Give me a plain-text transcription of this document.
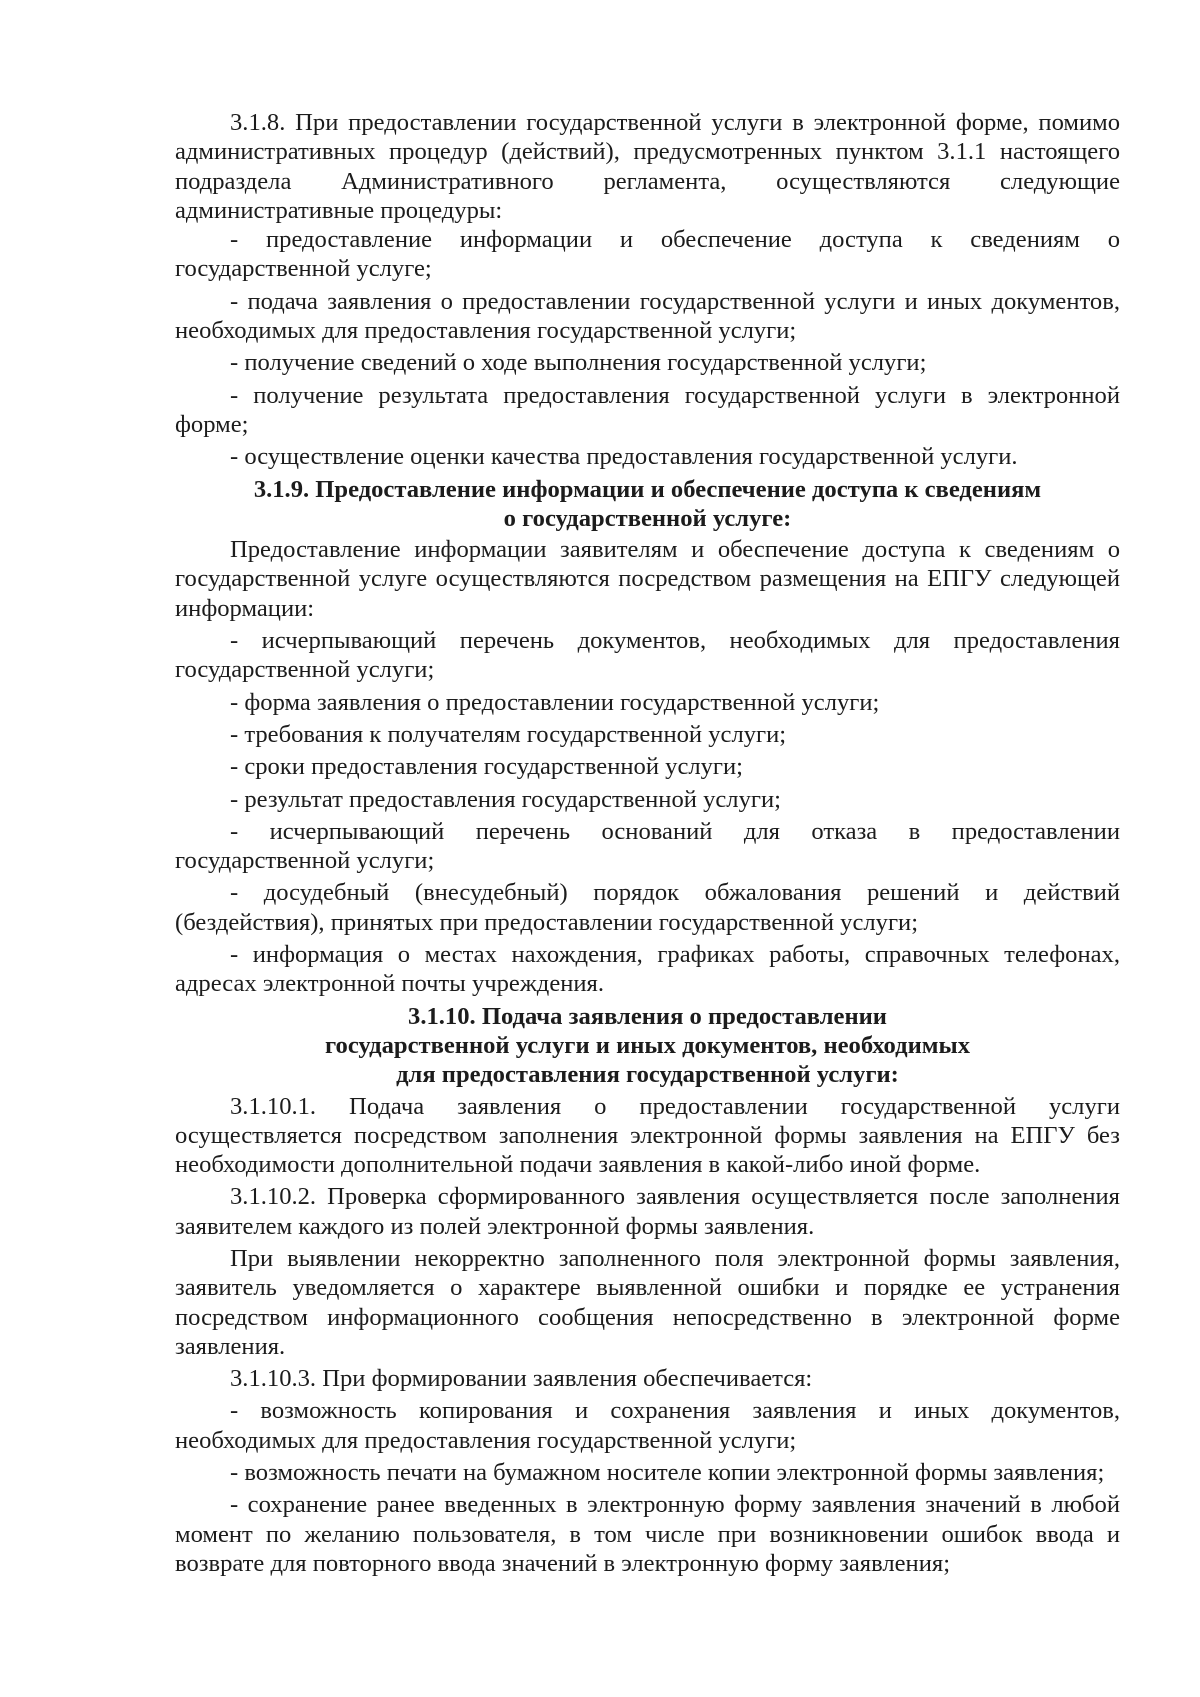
3.1.8. При предоставлении государственной услуги в электронной форме, помимо административных процедур (действий), предусмотренных пунктом 3.1.1 настоящего подраздела Административного регламента, осуществляются следующие административные процедуры:

- предоставление информации и обеспечение доступа к сведениям о государственной услуге;

- подача заявления о предоставлении государственной услуги и иных документов, необходимых для предоставления государственной услуги;

- получение сведений о ходе выполнения государственной услуги;

- получение результата предоставления государственной услуги в электронной форме;

- осуществление оценки качества предоставления государственной услуги.

3.1.9. Предоставление информации и обеспечение доступа к сведениям
о государственной услуге:

Предоставление информации заявителям и обеспечение доступа к сведениям о государственной услуге осуществляются посредством размещения на ЕПГУ следующей информации:

- исчерпывающий перечень документов, необходимых для предоставления государственной услуги;

- форма заявления о предоставлении государственной услуги;

- требования к получателям государственной услуги;

- сроки предоставления государственной услуги;

- результат предоставления государственной услуги;

- исчерпывающий перечень оснований для отказа в предоставлении государственной услуги;

- досудебный (внесудебный) порядок обжалования решений и действий (бездействия), принятых при предоставлении государственной услуги;

- информация о местах нахождения, графиках работы, справочных телефонах, адресах электронной почты учреждения.

3.1.10. Подача заявления о предоставлении
государственной услуги и иных документов, необходимых
для предоставления государственной услуги:

3.1.10.1. Подача заявления о предоставлении государственной услуги осуществляется посредством заполнения электронной формы заявления на ЕПГУ без необходимости дополнительной подачи заявления в какой-либо иной форме.

3.1.10.2. Проверка сформированного заявления осуществляется после заполнения заявителем каждого из полей электронной формы заявления.

При выявлении некорректно заполненного поля электронной формы заявления, заявитель уведомляется о характере выявленной ошибки и порядке ее устранения посредством информационного сообщения непосредственно в электронной форме заявления.

3.1.10.3. При формировании заявления обеспечивается:

- возможность копирования и сохранения заявления и иных документов, необходимых для предоставления государственной услуги;

- возможность печати на бумажном носителе копии электронной формы заявления;

- сохранение ранее введенных в электронную форму заявления значений в любой момент по желанию пользователя, в том числе при возникновении ошибок ввода и возврате для повторного ввода значений в электронную форму заявления;
